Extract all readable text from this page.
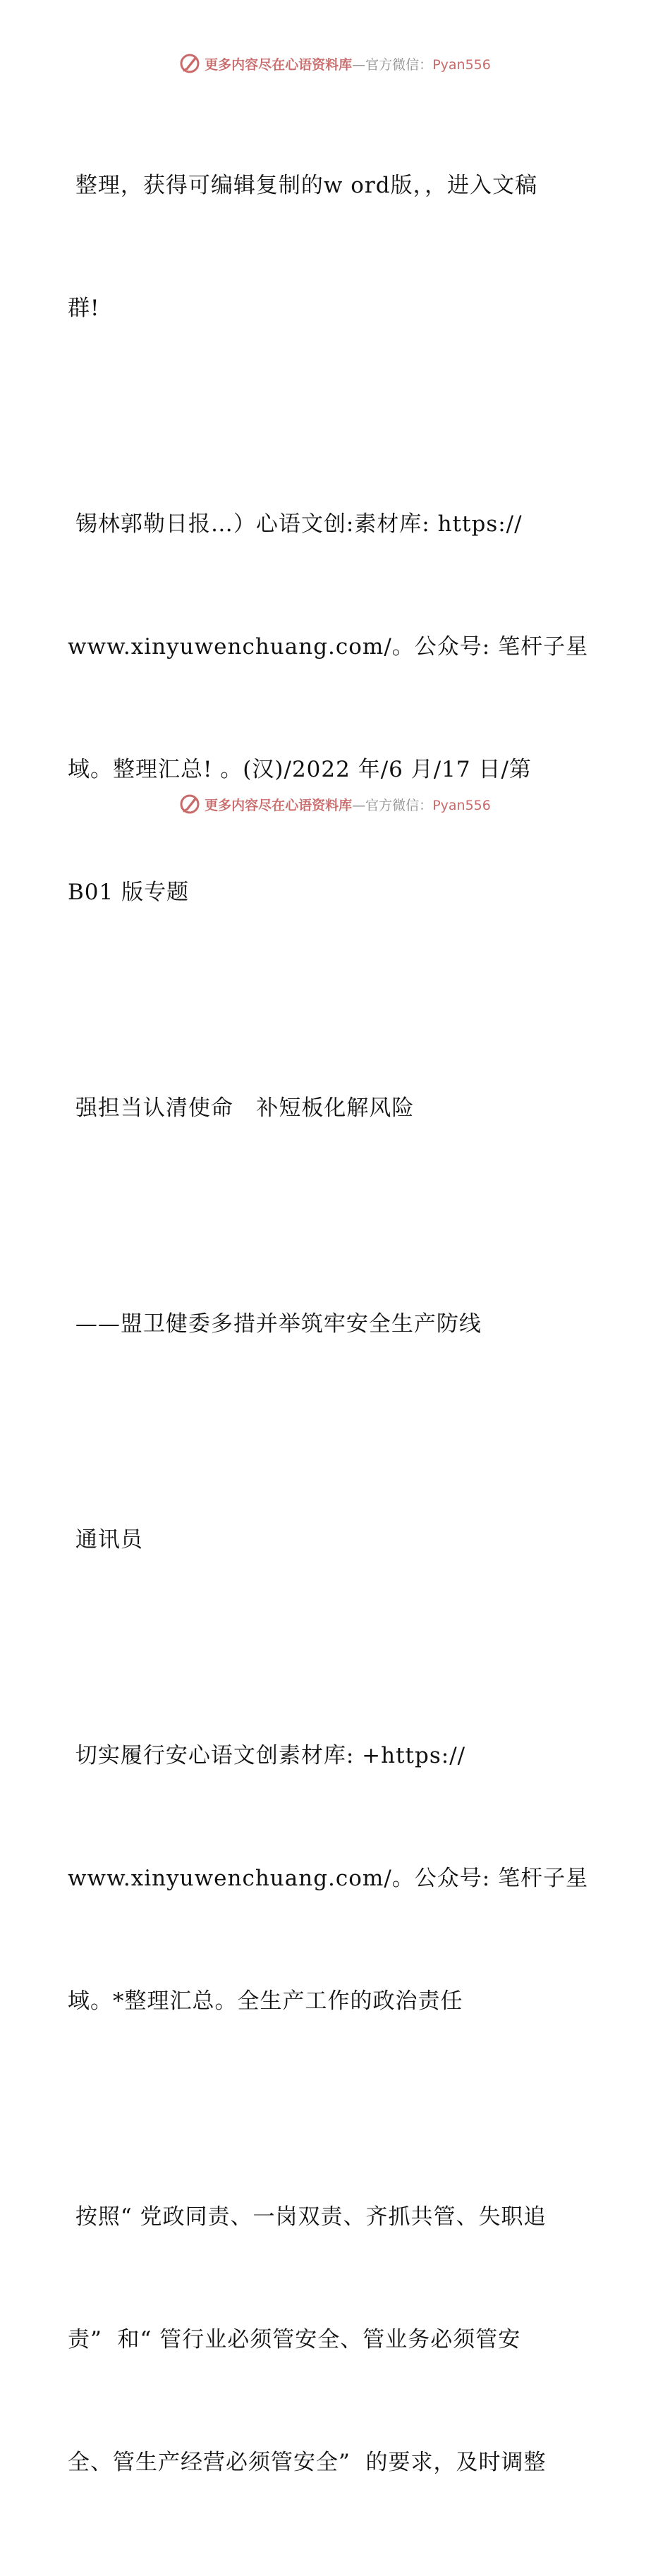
更多内容尽在心语资料库—官方微信：Pyan556

整理，获得可编辑复制的w ord版，，进入文稿

群!

锡林郭勒日报…）心语文创:素材库: https://

www.xinyuwenchuang.com/。公众号: 笔杆子星

域。整理汇总! 。(汉)/2022 年/6 月/17 日/第

B01 版专题

强担当认清使命   补短板化解风险

——盟卫健委多措并举筑牢安全生产防线

通讯员

切实履行安心语文创素材库: +https://

www.xinyuwenchuang.com/。公众号: 笔杆子星

域。*整理汇总。全生产工作的政治责任

按照“ 党政同责、一岗双责、齐抓共管、失职追

责”  和“ 管行业必须管安全、管业务必须管安

全、管生产经营必须管安全”  的要求，及时调整

更多内容尽在心语资料库—官方微信：Pyan556
